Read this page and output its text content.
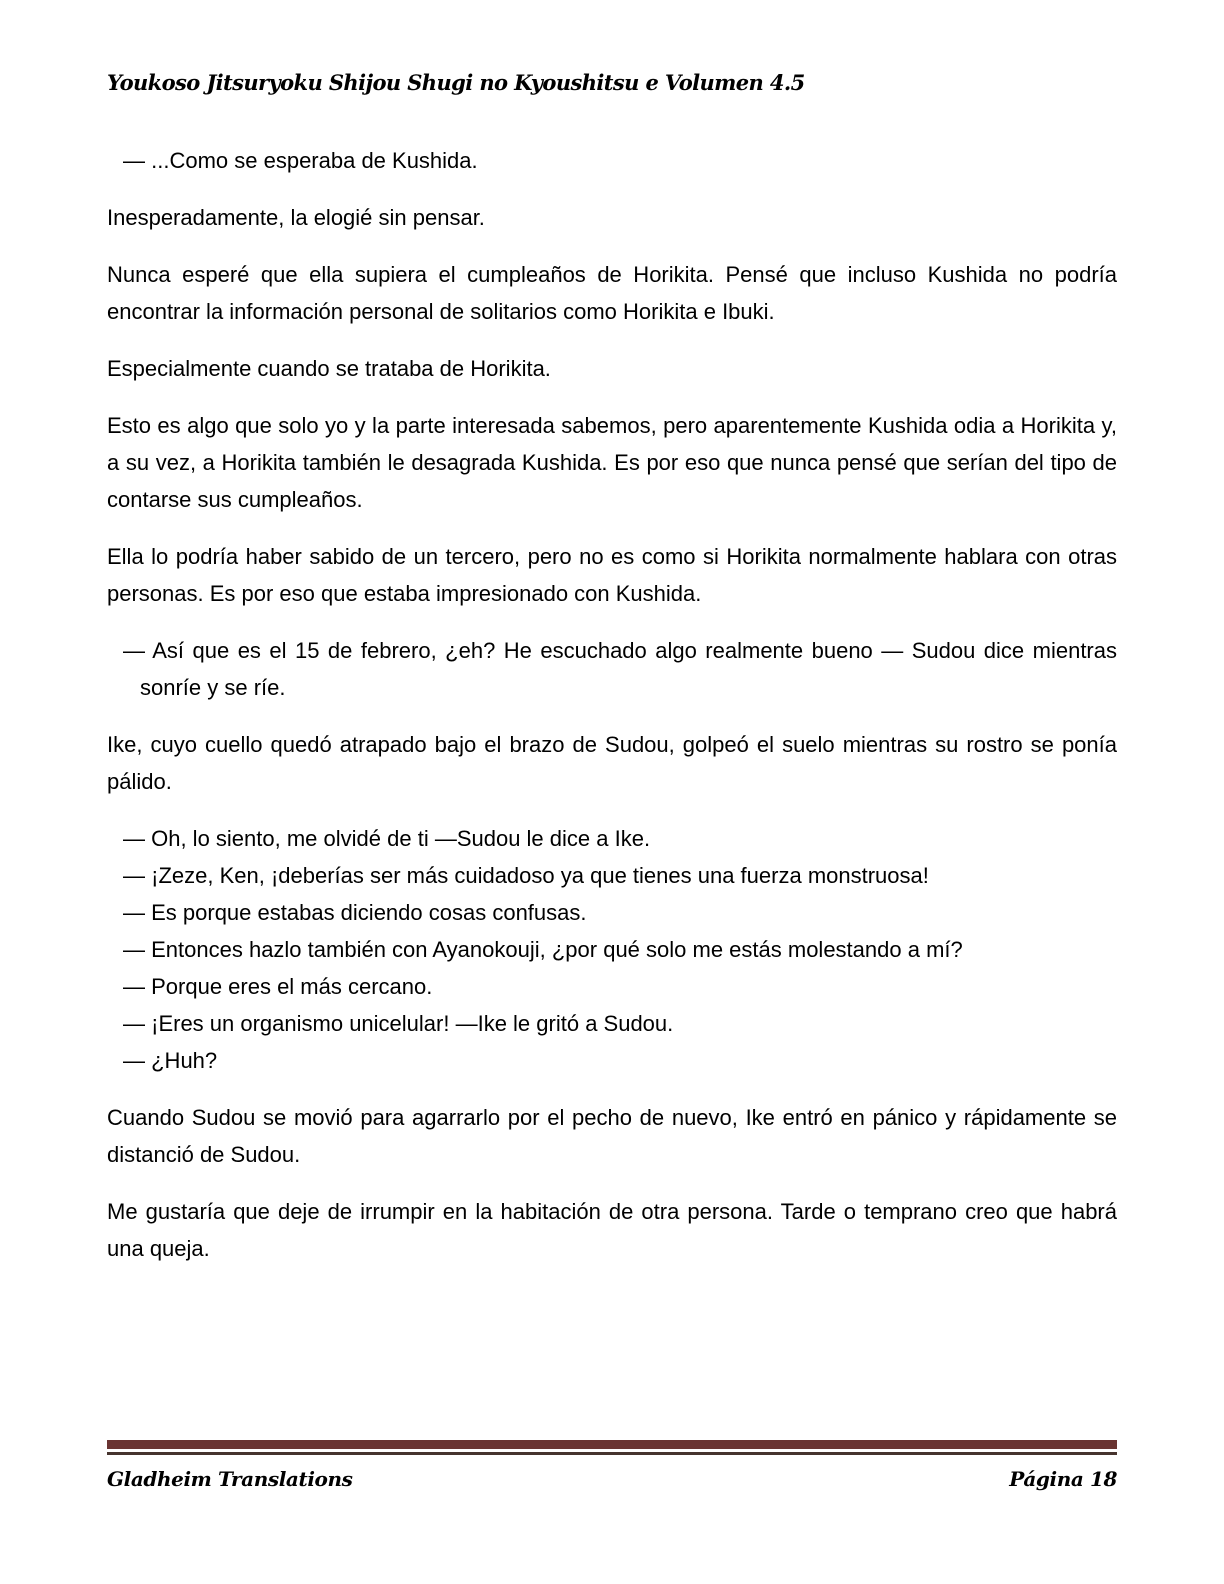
Youkoso Jitsuryoku Shijou Shugi no Kyoushitsu e Volumen 4.5

— ...Como se esperaba de Kushida.

Inesperadamente, la elogié sin pensar.

Nunca esperé que ella supiera el cumpleaños de Horikita. Pensé que incluso Kushida no podría encontrar la información personal de solitarios como Horikita e Ibuki.

Especialmente cuando se trataba de Horikita.

Esto es algo que solo yo y la parte interesada sabemos, pero aparentemente Kushida odia a Horikita y, a su vez, a Horikita también le desagrada Kushida. Es por eso que nunca pensé que serían del tipo de contarse sus cumpleaños.

Ella lo podría haber sabido de un tercero, pero no es como si Horikita normalmente hablara con otras personas. Es por eso que estaba impresionado con Kushida.

— Así que es el 15 de febrero, ¿eh? He escuchado algo realmente bueno — Sudou dice mientras sonríe y se ríe.

Ike, cuyo cuello quedó atrapado bajo el brazo de Sudou, golpeó el suelo mientras su rostro se ponía pálido.

— Oh, lo siento, me olvidé de ti —Sudou le dice a Ike.

— ¡Zeze, Ken, ¡deberías ser más cuidadoso ya que tienes una fuerza monstruosa!

— Es porque estabas diciendo cosas confusas.

— Entonces hazlo también con Ayanokouji, ¿por qué solo me estás molestando a mí?

— Porque eres el más cercano.

— ¡Eres un organismo unicelular! —Ike le gritó a Sudou.

— ¿Huh?

Cuando Sudou se movió para agarrarlo por el pecho de nuevo, Ike entró en pánico y rápidamente se distanció de Sudou.

Me gustaría que deje de irrumpir en la habitación de otra persona. Tarde o temprano creo que habrá una queja.

Gladheim Translations	Página 18
